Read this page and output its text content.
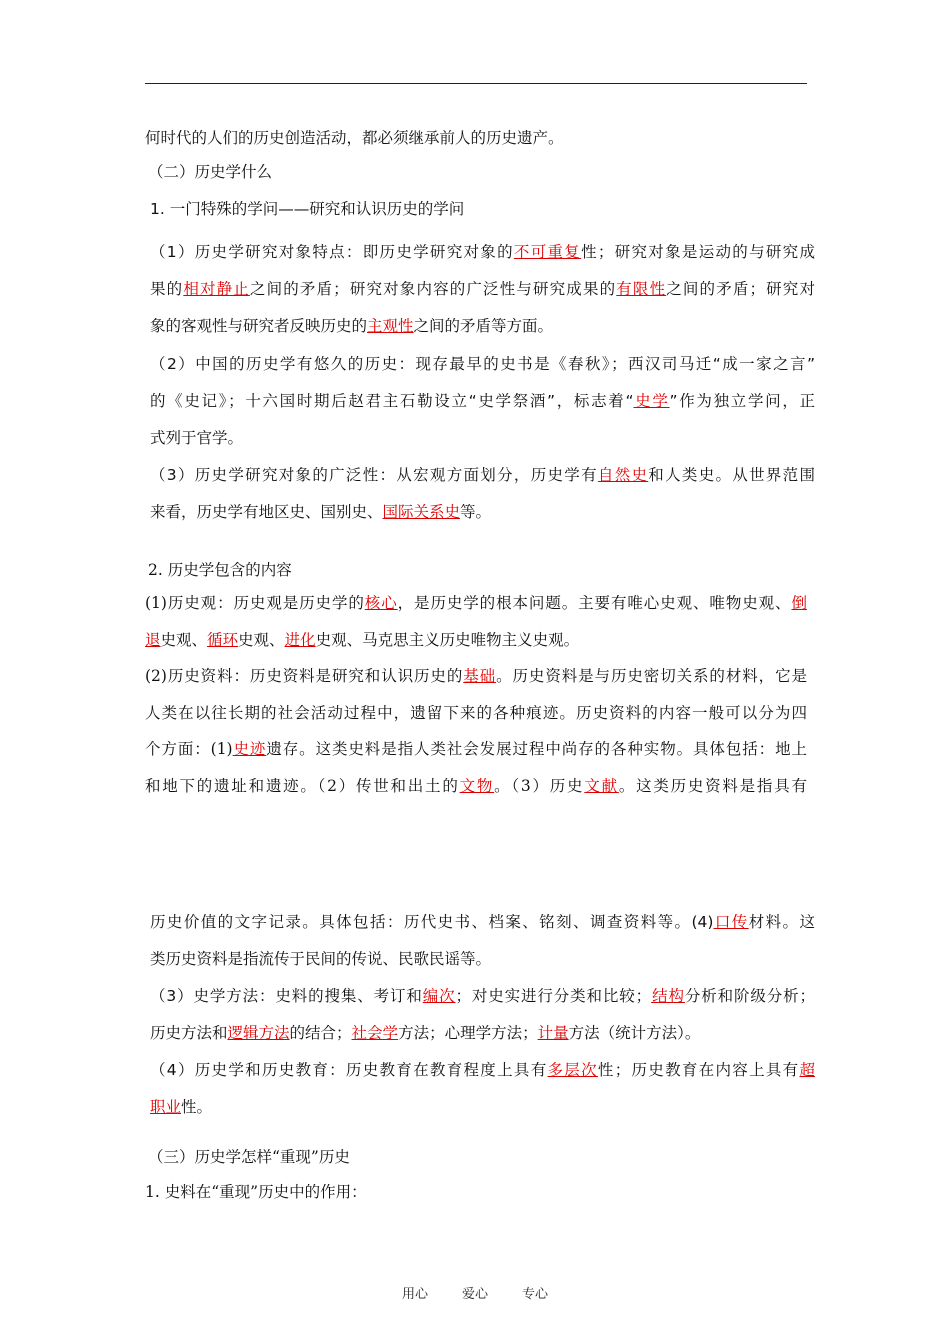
何时代的人们的历史创造活动，都必须继承前人的历史遗产。

（二）历史学什么

1. 一门特殊的学问——研究和认识历史的学问

（1）历史学研究对象特点：即历史学研究对象的不可重复性；研究对象是运动的与研究成

果的相对静止之间的矛盾；研究对象内容的广泛性与研究成果的有限性之间的矛盾；研究对

象的客观性与研究者反映历史的主观性之间的矛盾等方面。

（2）中国的历史学有悠久的历史：现存最早的史书是《春秋》；西汉司马迁“成一家之言”

的《史记》；十六国时期后赵君主石勒设立“史学祭酒”，标志着“史学”作为独立学问，正

式列于官学。

（3）历史学研究对象的广泛性：从宏观方面划分，历史学有自然史和人类史。从世界范围

来看，历史学有地区史、国别史、国际关系史等。

2. 历史学包含的内容

(1)历史观：历史观是历史学的核心，是历史学的根本问题。主要有唯心史观、唯物史观、倒

退史观、循环史观、进化史观、马克思主义历史唯物主义史观。

(2)历史资料：历史资料是研究和认识历史的基础。历史资料是与历史密切关系的材料，它是

人类在以往长期的社会活动过程中，遗留下来的各种痕迹。历史资料的内容一般可以分为四

个方面：(1)史迹遗存。这类史料是指人类社会发展过程中尚存的各种实物。具体包括：地上

和地下的遗址和遗迹。（2）传世和出土的文物。（3）历史文献。这类历史资料是指具有

历史价值的文字记录。具体包括：历代史书、档案、铭刻、调查资料等。(4)口传材料。这

类历史资料是指流传于民间的传说、民歌民谣等。

（3）史学方法：史料的搜集、考订和编次；对史实进行分类和比较；结构分析和阶级分析；

历史方法和逻辑方法的结合；社会学方法；心理学方法；计量方法（统计方法）。

（4）历史学和历史教育：历史教育在教育程度上具有多层次性；历史教育在内容上具有超

职业性。

（三）历史学怎样“重现”历史

1. 史料在“重现”历史中的作用：

用心	爱心	专心
